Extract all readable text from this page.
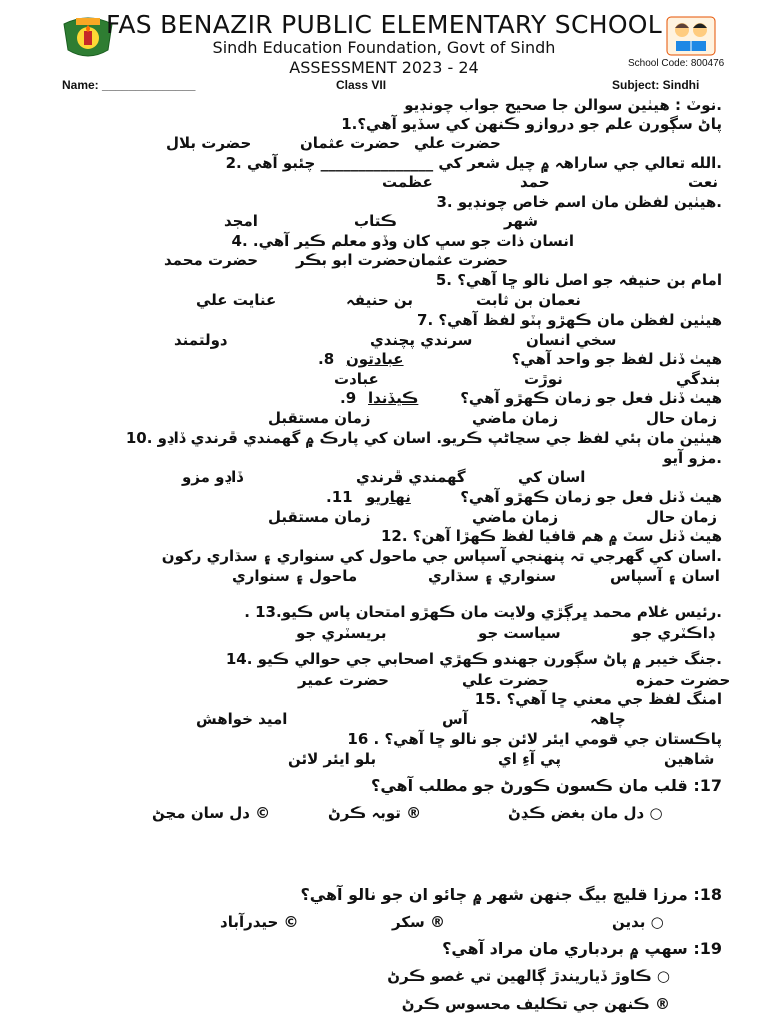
FAS BENAZIR PUBLIC ELEMENTARY SCHOOL
Sindh Education Foundation, Govt of Sindh
ASSESSMENT 2023 - 24	School Code: 800476
Name: ______________	Class VII	Subject: Sindhi
.نوٽ : هيٺين سوالن جا صحيح جواب چونڊيو
پاڻ سڳورن علم جو دروازو ڪنهن کي سڏيو آهي؟.1
حضرت علي
حضرت عثمان
حضرت بلال
.الله تعالي جي ساراهہ ۾ چيل شعر کي _______________ چئبو آهي .2
نعت
حمد
عظمت
.هيٺين لفظن مان اسم خاص چونڊيو .3
شهر
ڪتاب
امجد
انسان ذات جو سڀ کان وڏو معلم ڪير آهي. .4
حضرت عثمان
حضرت ابو بڪر
حضرت محمد
امام بن حنيفہ جو اصل نالو ڇا آهي؟ .5
نعمان بن ثابت
بن حنيفہ
عنايت علي
هيٺين لفظن مان ڪهڙو ٻٽو لفظ آهي؟ .7
سخي انسان
سرندي پچندي
دولتمند
هيٺ ڏنل لفظ جو واحد آهي؟
عبادتون
.8
بندگي
نوڙت
عبادت
هيٺ ڏنل فعل جو زمان ڪهڙو آهي؟
ڪيڏندا
.9
زمان حال
زمان ماضي
زمان مستقبل
هيٺين مان ٻئي لفظ جي سڃاڻپ ڪريو. اسان کي پارڪ ۾ گهمندي ڦرندي ڏاڍو .10
.مزو آيو
اسان کي
گهمندي ڦرندي
ڏاڍو مزو
هيٺ ڏنل فعل جو زمان ڪهڙو آهي؟
نهاريو
.11
زمان حال
زمان ماضي
زمان مستقبل
هيٺ ڏنل سٽ ۾ هم قافيا لفظ ڪهڙا آهن؟ .12
.اسان کي گهرجي تہ پنهنجي آسپاس جي ماحول کي سنواري ۽ سڌاري رکون
اسان ۽ آسپاس
سنواري ۽ سڌاري
ماحول ۽ سنواري
.رئيس غلام محمد ڀرڳڙي ولايت مان ڪهڙو امتحان پاس ڪيو.13 .
ڊاڪٽري جو
سياست جو
بريسٽري جو
.جنگ خيبر ۾ پاڻ سڳورن جهندو ڪهڙي اصحابي جي حوالي ڪيو .14
حضرت حمزه
حضرت علي
حضرت عمير
امنگ لفظ جي معني ڇا آهي؟ .15
چاهہ
آس
اميد خواهش
پاڪستان جي قومي ايئر لائن جو نالو ڇا آهي؟ . 16
شاهين
پي آءِ اي
بلو ايئر لائن
17: قلب مان ڪسون ڪورڻ جو مطلب آهي؟
○ دل مان بغض ڪڍڻ
® توبہ ڪرڻ
© دل سان مڃڻ
18: مرزا قليچ بيگ جنهن شهر ۾ ڄائو ان جو نالو آهي؟
○ بدين
® سکر
© حيدرآباد
19: سهپ ۾ بردباري مان مراد آهي؟
○ ڪاوڙ ڏياريندڙ ڳالهين تي غصو ڪرڻ
® ڪنهن جي تڪليف محسوس ڪرڻ
